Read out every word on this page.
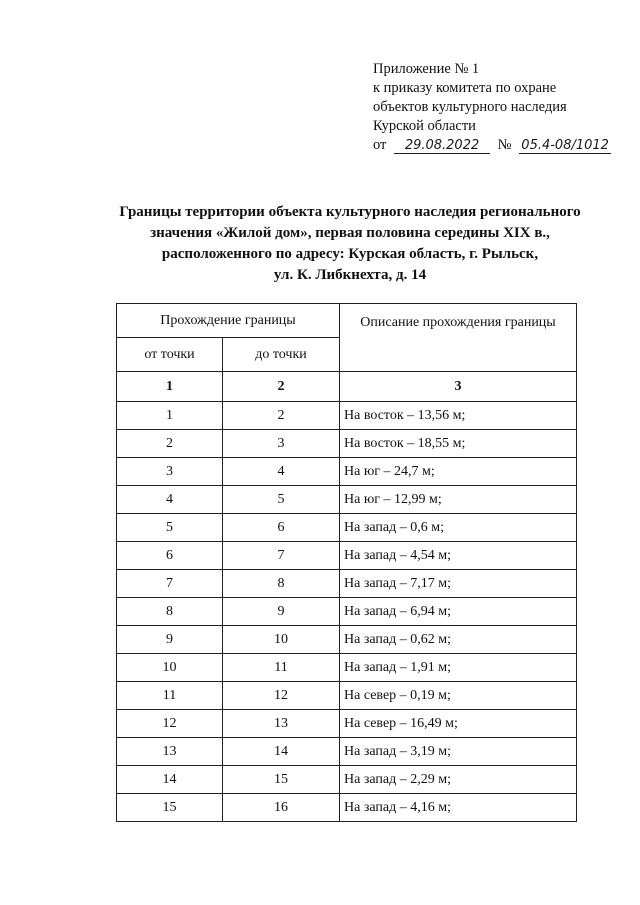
Приложение № 1
к приказу комитета по охране
объектов культурного наследия
Курской области
от 29.08.2022 № 05.4-08/1012
Границы территории объекта культурного наследия регионального
значения «Жилой дом», первая половина середины XIX в.,
расположенного по адресу: Курская область, г. Рыльск,
ул. К. Либкнехта, д. 14
Прохождение границы		Описание прохождения границы
от точки	до точки	
1	2	3
1	2	На восток – 13,56 м;
2	3	На восток – 18,55 м;
3	4	На юг – 24,7 м;
4	5	На юг – 12,99 м;
5	6	На запад – 0,6 м;
6	7	На запад – 4,54 м;
7	8	На запад – 7,17 м;
8	9	На запад – 6,94 м;
9	10	На запад – 0,62 м;
10	11	На запад – 1,91 м;
11	12	На север – 0,19 м;
12	13	На север – 16,49 м;
13	14	На запад – 3,19 м;
14	15	На запад – 2,29 м;
15	16	На запад – 4,16 м;
